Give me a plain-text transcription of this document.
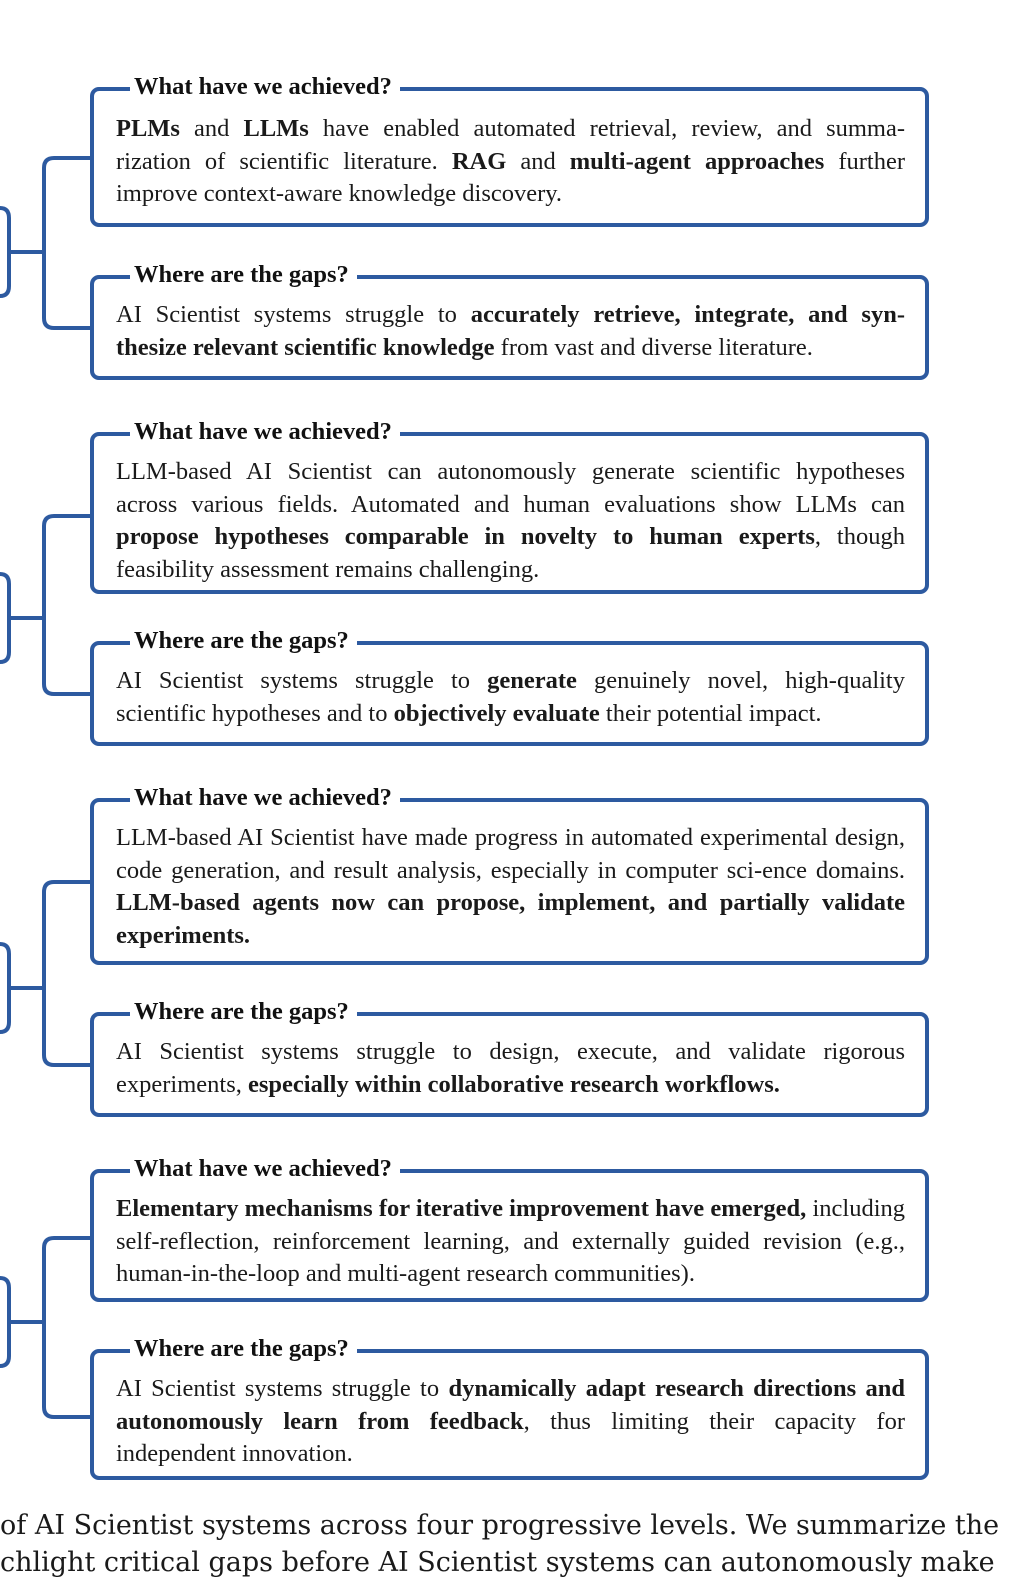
What have we achieved?
PLMs and LLMs have enabled automated retrieval, review, and summa-rization of scientific literature. RAG and multi-agent approaches further improve context-aware knowledge discovery.
Where are the gaps?
AI Scientist systems struggle to accurately retrieve, integrate, and syn-thesize relevant scientific knowledge from vast and diverse literature.
What have we achieved?
LLM-based AI Scientist can autonomously generate scientific hypotheses across various fields. Automated and human evaluations show LLMs can propose hypotheses comparable in novelty to human experts, though feasibility assessment remains challenging.
Where are the gaps?
AI Scientist systems struggle to generate genuinely novel, high-quality scientific hypotheses and to objectively evaluate their potential impact.
What have we achieved?
LLM-based AI Scientist have made progress in automated experimental design, code generation, and result analysis, especially in computer sci-ence domains. LLM-based agents now can propose, implement, and partially validate experiments.
Where are the gaps?
AI Scientist systems struggle to design, execute, and validate rigorous experiments, especially within collaborative research workflows.
What have we achieved?
Elementary mechanisms for iterative improvement have emerged, including self-reflection, reinforcement learning, and externally guided revision (e.g., human-in-the-loop and multi-agent research communities).
Where are the gaps?
AI Scientist systems struggle to dynamically adapt research directions and autonomously learn from feedback, thus limiting their capacity for independent innovation.
of AI Scientist systems across four progressive levels. We summarize the
chlight critical gaps before AI Scientist systems can autonomously make
